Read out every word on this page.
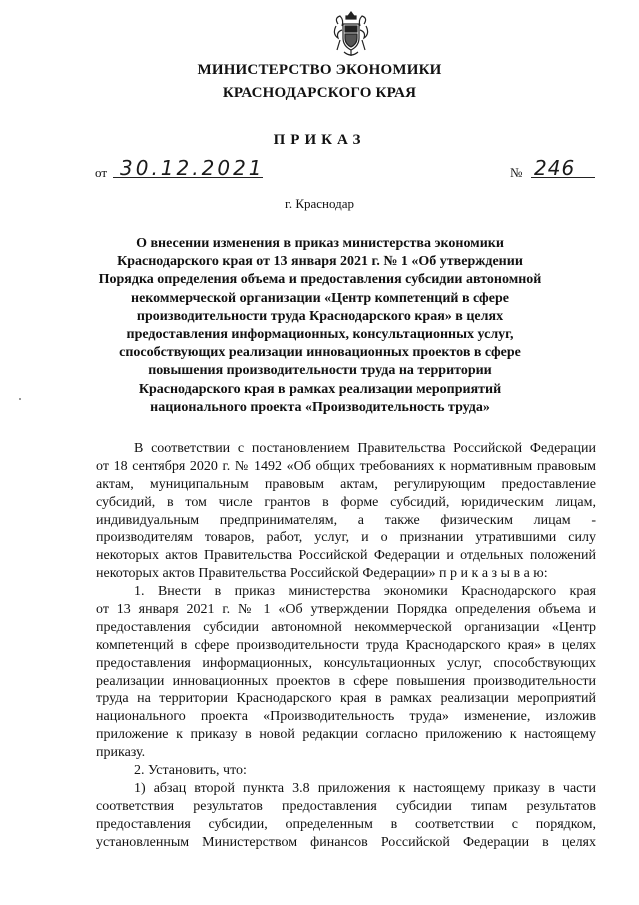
МИНИСТЕРСТВО ЭКОНОМИКИ
КРАСНОДАРСКОГО КРАЯ
ПРИКАЗ
от 30.12.2021	№ 246
г. Краснодар
О внесении изменения в приказ министерства экономики
Краснодарского края от 13 января 2021 г. № 1 «Об утверждении
Порядка определения объема и предоставления субсидии автономной
некоммерческой организации «Центр компетенций в сфере
производительности труда Краснодарского края» в целях
предоставления информационных, консультационных услуг,
способствующих реализации инновационных проектов в сфере
повышения производительности труда на территории
Краснодарского края в рамках реализации мероприятий
национального проекта «Производительность труда»
В соответствии с постановлением Правительства Российской Федерации
от 18 сентября 2020 г. № 1492 «Об общих требованиях к нормативным правовым
актам, муниципальным правовым актам, регулирующим предоставление
субсидий, в том числе грантов в форме субсидий, юридическим лицам,
индивидуальным предпринимателям, а также физическим лицам -
производителям товаров, работ, услуг, и о признании утратившими силу
некоторых актов Правительства Российской Федерации и отдельных положений
некоторых актов Правительства Российской Федерации» п р и к а з ы в а ю:
1. Внести в приказ министерства экономики Краснодарского края
от 13 января 2021 г. № 1 «Об утверждении Порядка определения объема и
предоставления субсидии автономной некоммерческой организации «Центр
компетенций в сфере производительности труда Краснодарского края» в целях
предоставления информационных, консультационных услуг, способствующих
реализации инновационных проектов в сфере повышения производительности
труда на территории Краснодарского края в рамках реализации мероприятий
национального проекта «Производительность труда» изменение, изложив
приложение к приказу в новой редакции согласно приложению к настоящему
приказу.
2. Установить, что:
1) абзац второй пункта 3.8 приложения к настоящему приказу в части
соответствия результатов предоставления субсидии типам результатов
предоставления субсидии, определенным в соответствии с порядком,
установленным Министерством финансов Российской Федерации в целях
